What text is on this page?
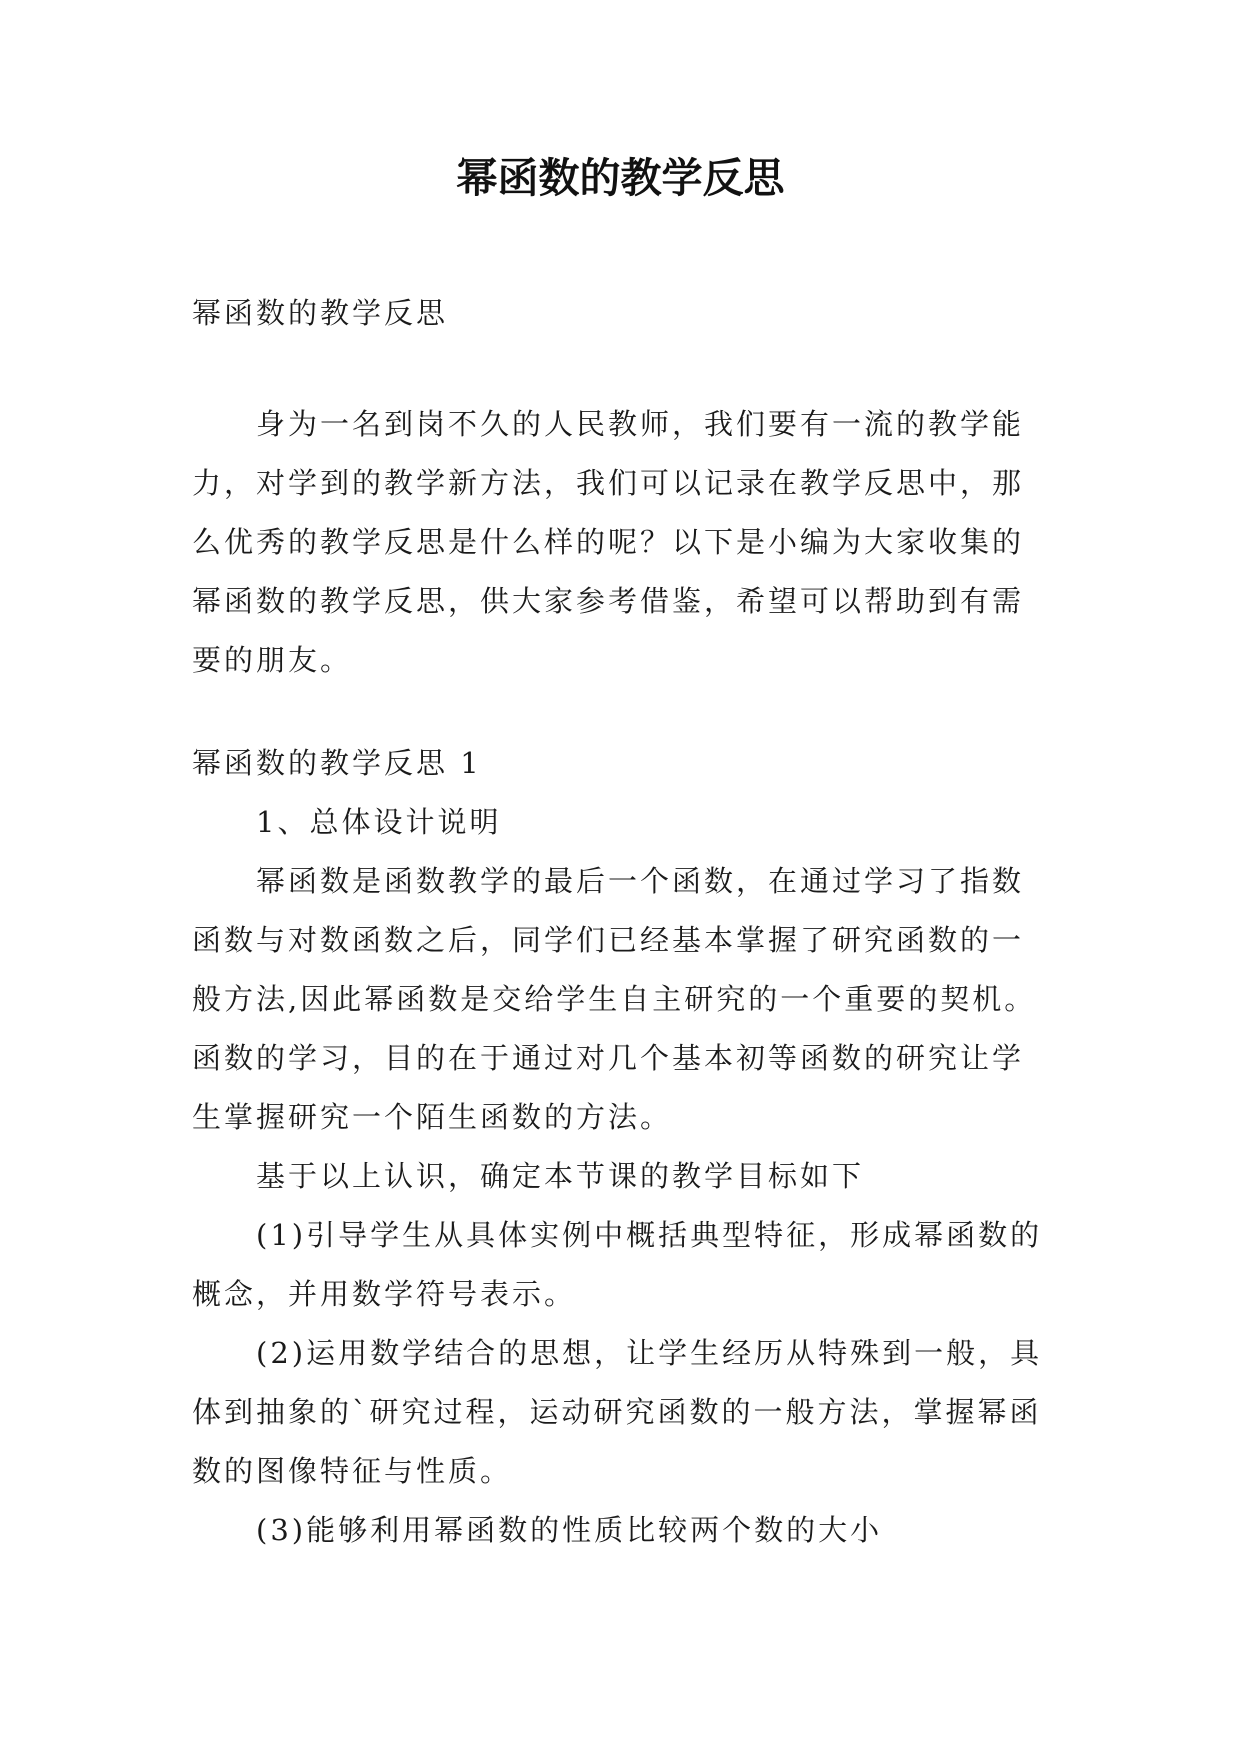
幂函数的教学反思

幂函数的教学反思

身为一名到岗不久的人民教师，我们要有一流的教学能力，对学到的教学新方法，我们可以记录在教学反思中，那么优秀的教学反思是什么样的呢？以下是小编为大家收集的幂函数的教学反思，供大家参考借鉴，希望可以帮助到有需要的朋友。

幂函数的教学反思 1

1、总体设计说明

幂函数是函数教学的最后一个函数，在通过学习了指数函数与对数函数之后，同学们已经基本掌握了研究函数的一般方法,因此幂函数是交给学生自主研究的一个重要的契机。函数的学习，目的在于通过对几个基本初等函数的研究让学生掌握研究一个陌生函数的方法。

基于以上认识，确定本节课的教学目标如下

(1)引导学生从具体实例中概括典型特征，形成幂函数的概念，并用数学符号表示。

(2)运用数学结合的思想，让学生经历从特殊到一般，具体到抽象的`研究过程，运动研究函数的一般方法，掌握幂函数的图像特征与性质。

(3)能够利用幂函数的性质比较两个数的大小
